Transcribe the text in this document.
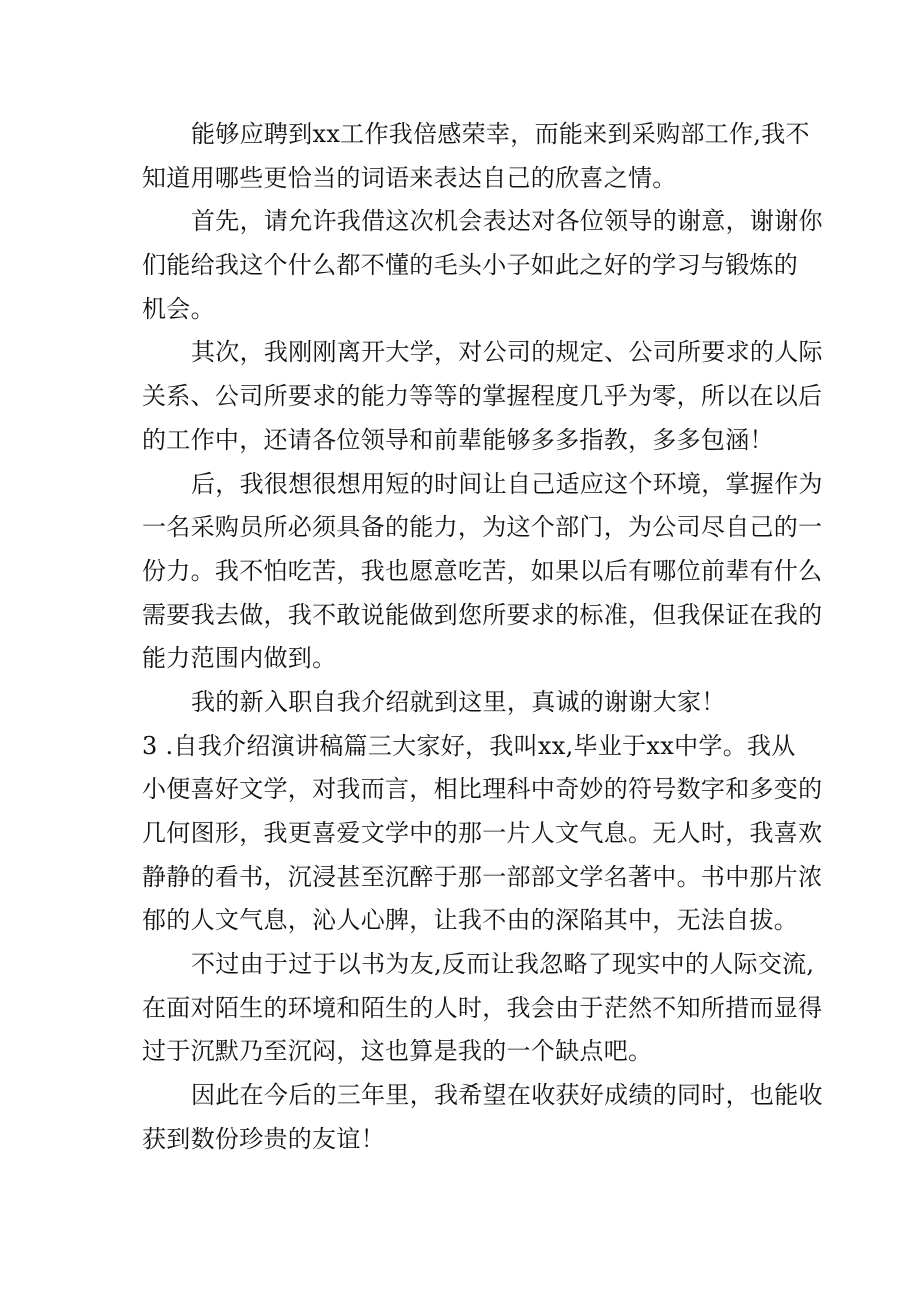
能够应聘到xx工作我倍感荣幸，而能来到采购部工作,我不
知道用哪些更恰当的词语来表达自己的欣喜之情。
首先，请允许我借这次机会表达对各位领导的谢意，谢谢你
们能给我这个什么都不懂的毛头小子如此之好的学习与锻炼的
机会。
其次，我刚刚离开大学，对公司的规定、公司所要求的人际
关系、公司所要求的能力等等的掌握程度几乎为零，所以在以后
的工作中，还请各位领导和前辈能够多多指教，多多包涵！
后，我很想很想用短的时间让自己适应这个环境，掌握作为
一名采购员所必须具备的能力，为这个部门，为公司尽自己的一
份力。我不怕吃苦，我也愿意吃苦，如果以后有哪位前辈有什么
需要我去做，我不敢说能做到您所要求的标准，但我保证在我的
能力范围内做到。
我的新入职自我介绍就到这里，真诚的谢谢大家！
3 .自我介绍演讲稿篇三大家好，我叫xx,毕业于xx中学。我从
小便喜好文学，对我而言，相比理科中奇妙的符号数字和多变的
几何图形，我更喜爱文学中的那一片人文气息。无人时，我喜欢
静静的看书，沉浸甚至沉醉于那一部部文学名著中。书中那片浓
郁的人文气息，沁人心脾，让我不由的深陷其中，无法自拔。
不过由于过于以书为友,反而让我忽略了现实中的人际交流,
在面对陌生的环境和陌生的人时，我会由于茫然不知所措而显得
过于沉默乃至沉闷，这也算是我的一个缺点吧。
因此在今后的三年里，我希望在收获好成绩的同时，也能收
获到数份珍贵的友谊！
